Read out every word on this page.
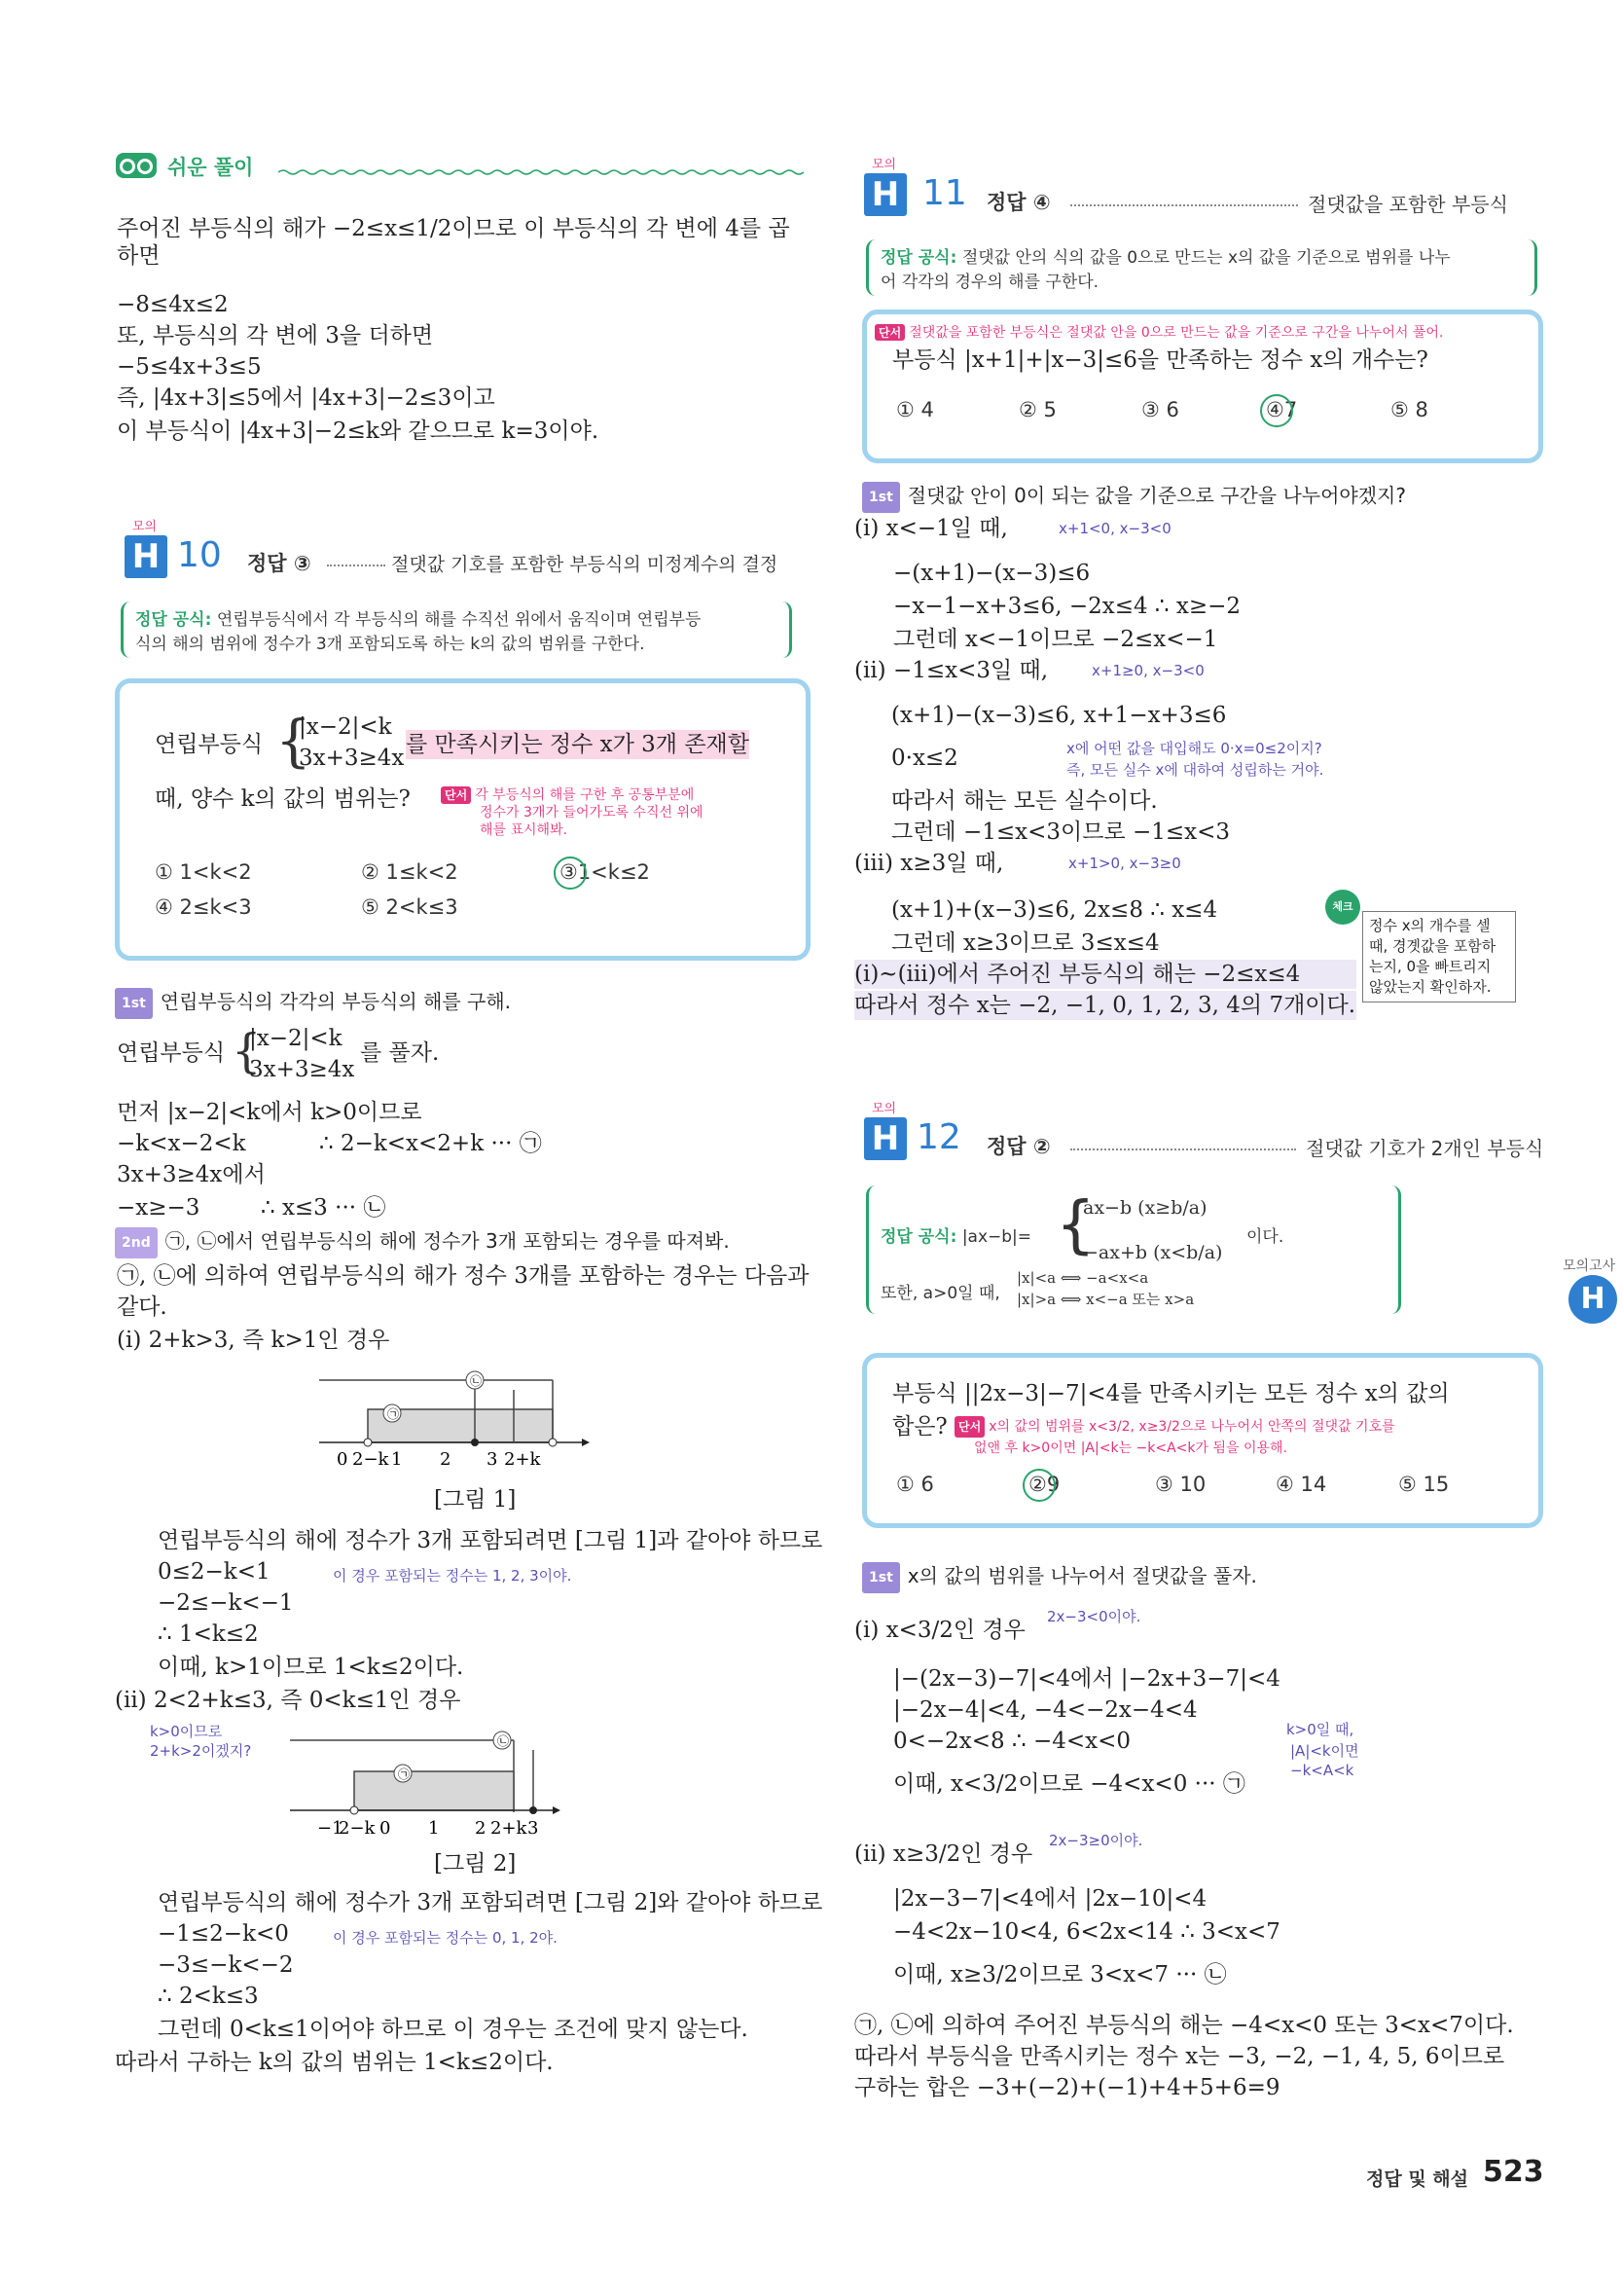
쉬운 풀이
주어진 부등식의 해가 −2≤x≤1/2이므로 이 부등식의 각 변에 4를 곱
하면
−8≤4x≤2
또, 부등식의 각 변에 3을 더하면
−5≤4x+3≤5
즉, |4x+3|≤5에서 |4x+3|−2≤3이고
이 부등식이 |4x+3|−2≤k와 같으므로 k=3이야.
모의
H 10 정답 ③	절댓값 기호를 포함한 부등식의 미정계수의 결정
정답 공식: 연립부등식에서 각 부등식의 해를 수직선 위에서 움직이며 연립부등
식의 해의 범위에 정수가 3개 포함되도록 하는 k의 값의 범위를 구한다.
연립부등식 {
|x−2|<k
3x+3≥4x
를 만족시키는 정수 x가 3개 존재할
때, 양수 k의 값의 범위는?	단서 각 부등식의 해를 구한 후 공통부분에
정수가 3개가 들어가도록 수직선 위에
해를 표시해봐.
① 1<k<2	② 1≤k<2	③1<k≤2
④ 2≤k<3	⑤ 2<k≤3
1st 연립부등식의 각각의 부등식의 해를 구해.
연립부등식 {
|x−2|<k
3x+3≥4x
를 풀자.
먼저 |x−2|<k에서 k>0이므로
−k<x−2<k	∴ 2−k<x<2+k ··· ㉠
3x+3≥4x에서
−x≥−3	∴ x≤3 ··· ㉡
2nd ㉠, ㉡에서 연립부등식의 해에 정수가 3개 포함되는 경우를 따져봐.
㉠, ㉡에 의하여 연립부등식의 해가 정수 3개를 포함하는 경우는 다음과
같다.
(i) 2+k>3, 즉 k>1인 경우
㉡
㉠
0 2−k 1 2 3 2+k
[그림 1]
연립부등식의 해에 정수가 3개 포함되려면 [그림 1]과 같아야 하므로
0≤2−k<1	이 경우 포함되는 정수는 1, 2, 3이야.
−2≤−k<−1
∴ 1<k≤2
이때, k>1이므로 1<k≤2이다.
(ii) 2<2+k≤3, 즉 0<k≤1인 경우
k>0이므로
2+k>2이겠지?
㉡
㉠
−1
2−k 0 1 2 2+k 3
[그림 2]
연립부등식의 해에 정수가 3개 포함되려면 [그림 2]와 같아야 하므로
−1≤2−k<0	이 경우 포함되는 정수는 0, 1, 2야.
−3≤−k<−2
∴ 2<k≤3
그런데 0<k≤1이어야 하므로 이 경우는 조건에 맞지 않는다.
따라서 구하는 k의 값의 범위는 1<k≤2이다.
모의
H 11 정답 ④	절댓값을 포함한 부등식
정답 공식: 절댓값 안의 식의 값을 0으로 만드는 x의 값을 기준으로 범위를 나누
어 각각의 경우의 해를 구한다.
단서 절댓값을 포함한 부등식은 절댓값 안을 0으로 만드는 값을 기준으로 구간을 나누어서 풀어.
부등식 |x+1|+|x−3|≤6을 만족하는 정수 x의 개수는?
① 4	② 5	③ 6	④7	⑤ 8
1st 절댓값 안이 0이 되는 값을 기준으로 구간을 나누어야겠지?
(i) x<−1일 때,	x+1<0, x−3<0
−(x+1)−(x−3)≤6
−x−1−x+3≤6, −2x≤4 ∴ x≥−2
그런데 x<−1이므로 −2≤x<−1
(ii) −1≤x<3일 때,	x+1≥0, x−3<0
(x+1)−(x−3)≤6, x+1−x+3≤6
0·x≤2	x에 어떤 값을 대입해도 0·x=0≤2이지?
즉, 모든 실수 x에 대하여 성립하는 거야.
따라서 해는 모든 실수이다.
그런데 −1≤x<3이므로 −1≤x<3
(iii) x≥3일 때,	x+1>0, x−3≥0
(x+1)+(x−3)≤6, 2x≤8 ∴ x≤4
그런데 x≥3이므로 3≤x≤4
(i)~(iii)에서 주어진 부등식의 해는 −2≤x≤4
따라서 정수 x는 −2, −1, 0, 1, 2, 3, 4의 7개이다.
체크
정수 x의 개수를 셀
때, 경곗값을 포함하
는지, 0을 빠트리지
않았는지 확인하자.
모의
H 12 정답 ②	절댓값 기호가 2개인 부등식
정답 공식: |ax−b|= {
ax−b (x≥b/a)
−ax+b (x<b/a)
이다.
또한, a>0일 때,
|x|<a ⟺ −a<x<a
|x|>a ⟺ x<−a 또는 x>a
부등식 ||2x−3|−7|<4를 만족시키는 모든 정수 x의 값의
합은? 단서 x의 값의 범위를 x<3/2, x≥3/2으로 나누어서 안쪽의 절댓값 기호를
없앤 후 k>0이면 |A|<k는 −k<A<k가 됨을 이용해.
① 6	②9	③ 10	④ 14	⑤ 15
1st x의 값의 범위를 나누어서 절댓값을 풀자.
(i) x<3/2인 경우
2x−3<0이야.
|−(2x−3)−7|<4에서 |−2x+3−7|<4
|−2x−4|<4, −4<−2x−4<4
0<−2x<8 ∴ −4<x<0	k>0일 때,
|A|<k이면
−k<A<k
이때, x<3/2이므로 −4<x<0 ··· ㉠
(ii) x≥3/2인 경우
2x−3≥0이야.
|2x−3−7|<4에서 |2x−10|<4
−4<2x−10<4, 6<2x<14 ∴ 3<x<7
이때, x≥3/2이므로 3<x<7 ··· ㉡
㉠, ㉡에 의하여 주어진 부등식의 해는 −4<x<0 또는 3<x<7이다.
따라서 부등식을 만족시키는 정수 x는 −3, −2, −1, 4, 5, 6이므로
구하는 합은 −3+(−2)+(−1)+4+5+6=9
모의고사
H
정답 및 해설 523
